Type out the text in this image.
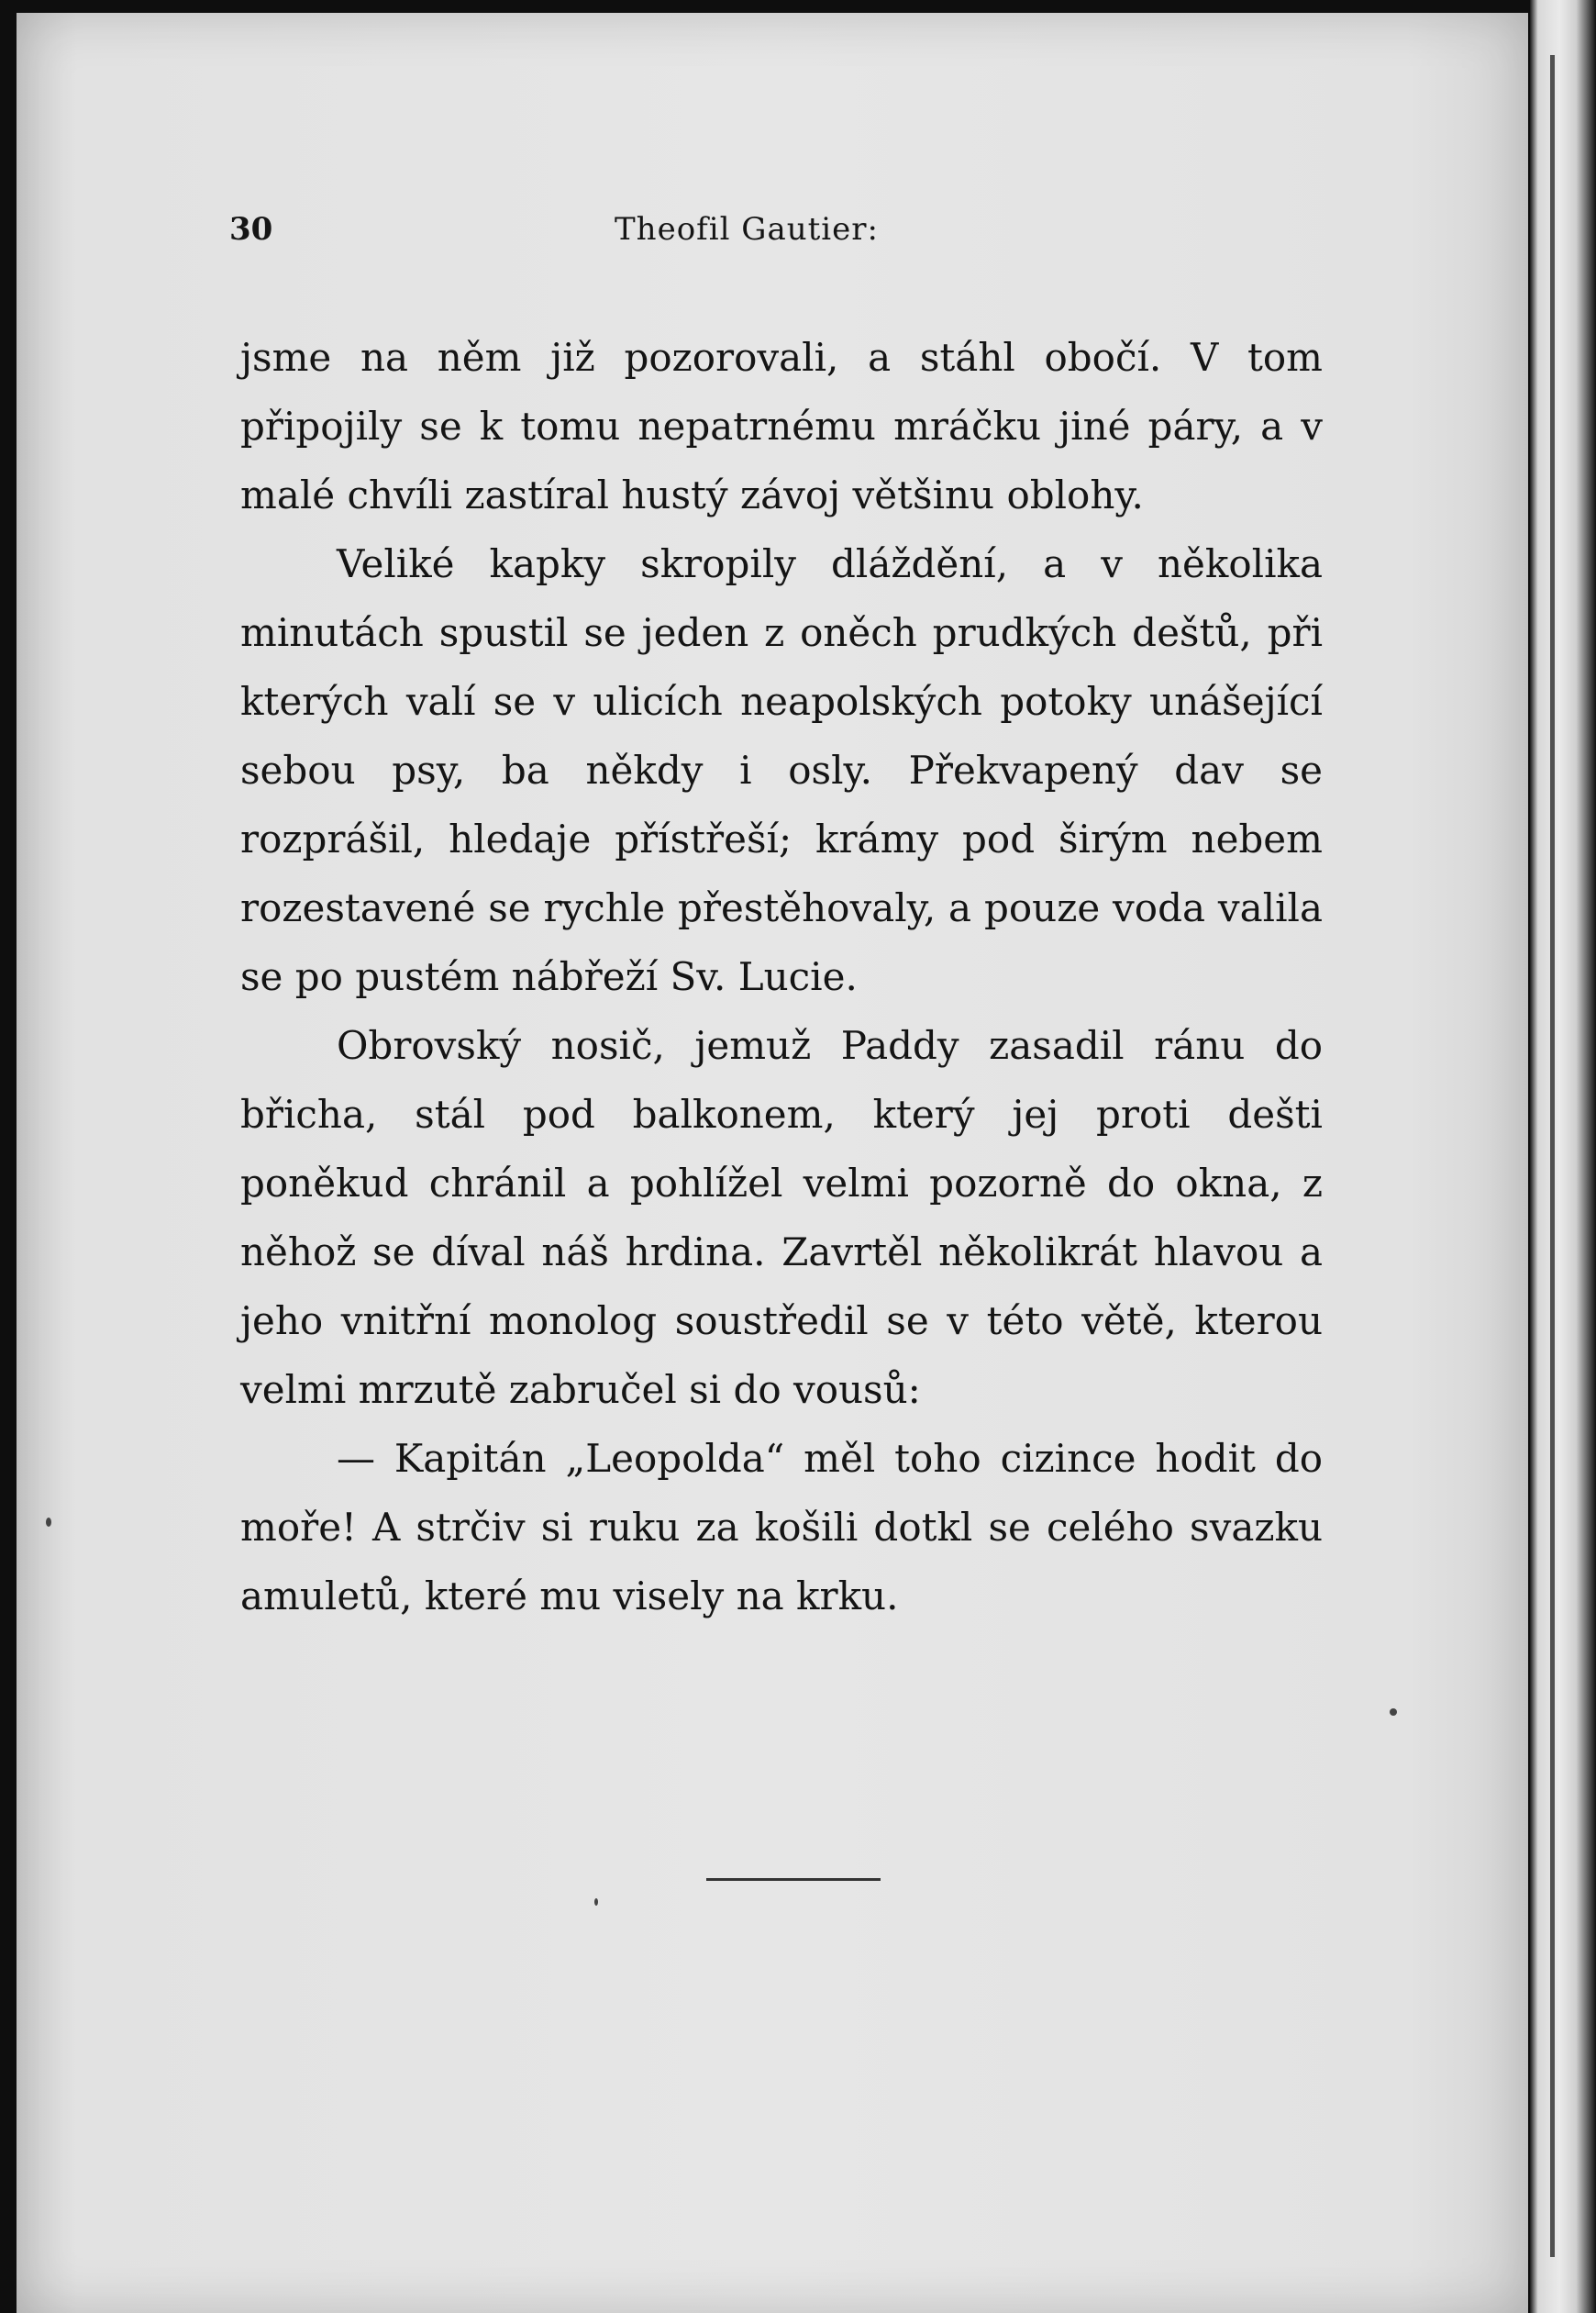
30	Theofil Gautier:

jsme na něm již pozorovali, a stáhl obočí. V tom připojily se k tomu nepatrnému mráčku jiné páry, a v malé chvíli zastíral hustý závoj většinu oblohy.

Veliké kapky skropily dláždění, a v několika minutách spustil se jeden z oněch prudkých deštů, při kterých valí se v ulicích neapolských potoky unášející sebou psy, ba někdy i osly. Překvapený dav se rozprášil, hledaje přístřeší; krámy pod širým nebem rozestavené se rychle přestěhovaly, a pouze voda valila se po pustém nábřeží Sv. Lucie.

Obrovský nosič, jemuž Paddy zasadil ránu do břicha, stál pod balkonem, který jej proti dešti poněkud chránil a pohlížel velmi pozorně do okna, z něhož se díval náš hrdina. Zavrtěl několikrát hlavou a jeho vnitřní monolog soustředil se v této větě, kterou velmi mrzutě zabručel si do vousů:

— Kapitán „Leopolda“ měl toho cizince hodit do moře! A strčiv si ruku za košili dotkl se celého svazku amuletů, které mu visely na krku.
